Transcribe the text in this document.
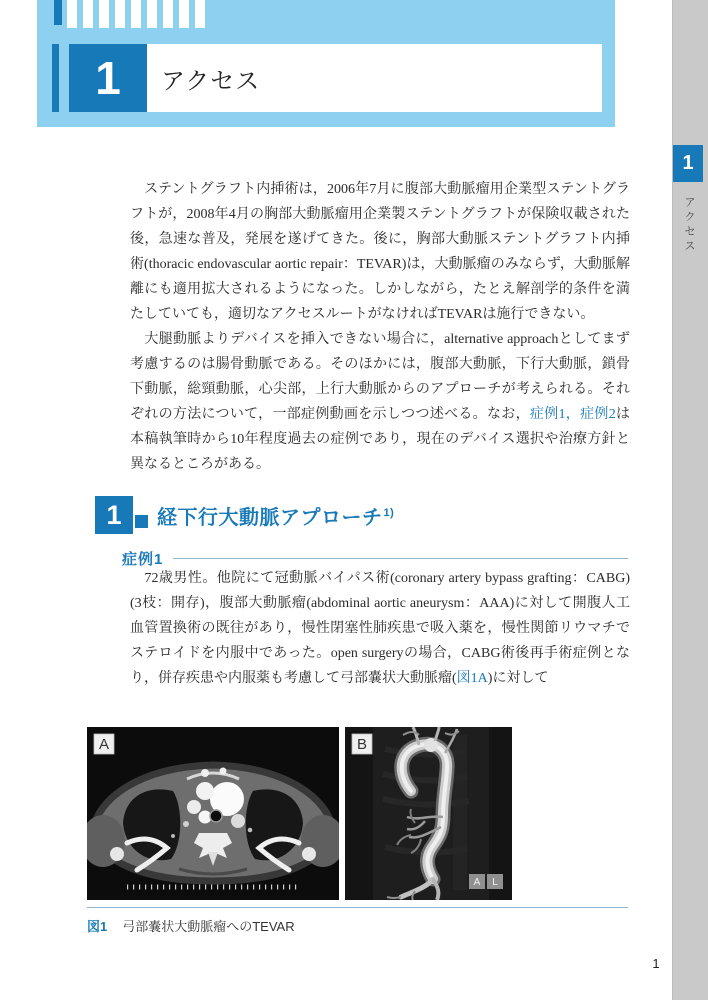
1	アクセス
1
アクセス

　ステントグラフト内挿術は，2006年7月に腹部大動脈瘤用企業型ステントグラフトが，2008年4月の胸部大動脈瘤用企業製ステントグラフトが保険収載された後，急速な普及，発展を遂げてきた。後に，胸部大動脈ステントグラフト内挿術(thoracic endovascular aortic repair：TEVAR)は，大動脈瘤のみならず，大動脈解離にも適用拡大されるようになった。しかしながら，たとえ解剖学的条件を満たしていても，適切なアクセスルートがなければTEVARは施行できない。

　大腿動脈よりデバイスを挿入できない場合に，alternative approachとしてまず考慮するのは腸骨動脈である。そのほかには，腹部大動脈，下行大動脈，鎖骨下動脈，総頸動脈，心尖部，上行大動脈からのアプローチが考えられる。それぞれの方法について，一部症例動画を示しつつ述べる。なお，症例1，症例2は本稿執筆時から10年程度過去の症例であり，現在のデバイス選択や治療方針と異なるところがある。

1	経下行大動脈アプローチ$^{1)}$
症例1

　72歳男性。他院にて冠動脈バイパス術(coronary artery bypass grafting：CABG)(3枝：開存)，腹部大動脈瘤(abdominal aortic aneurysm：AAA)に対して開腹人工血管置換術の既往があり，慢性閉塞性肺疾患で吸入薬を，慢性関節リウマチでステロイドを内服中であった。open surgeryの場合，CABG術後再手術症例となり，併存疾患や内服薬も考慮して弓部嚢状大動脈瘤(図1A)に対して

A
A L
B
図1 弓部嚢状大動脈瘤へのTEVAR
1
